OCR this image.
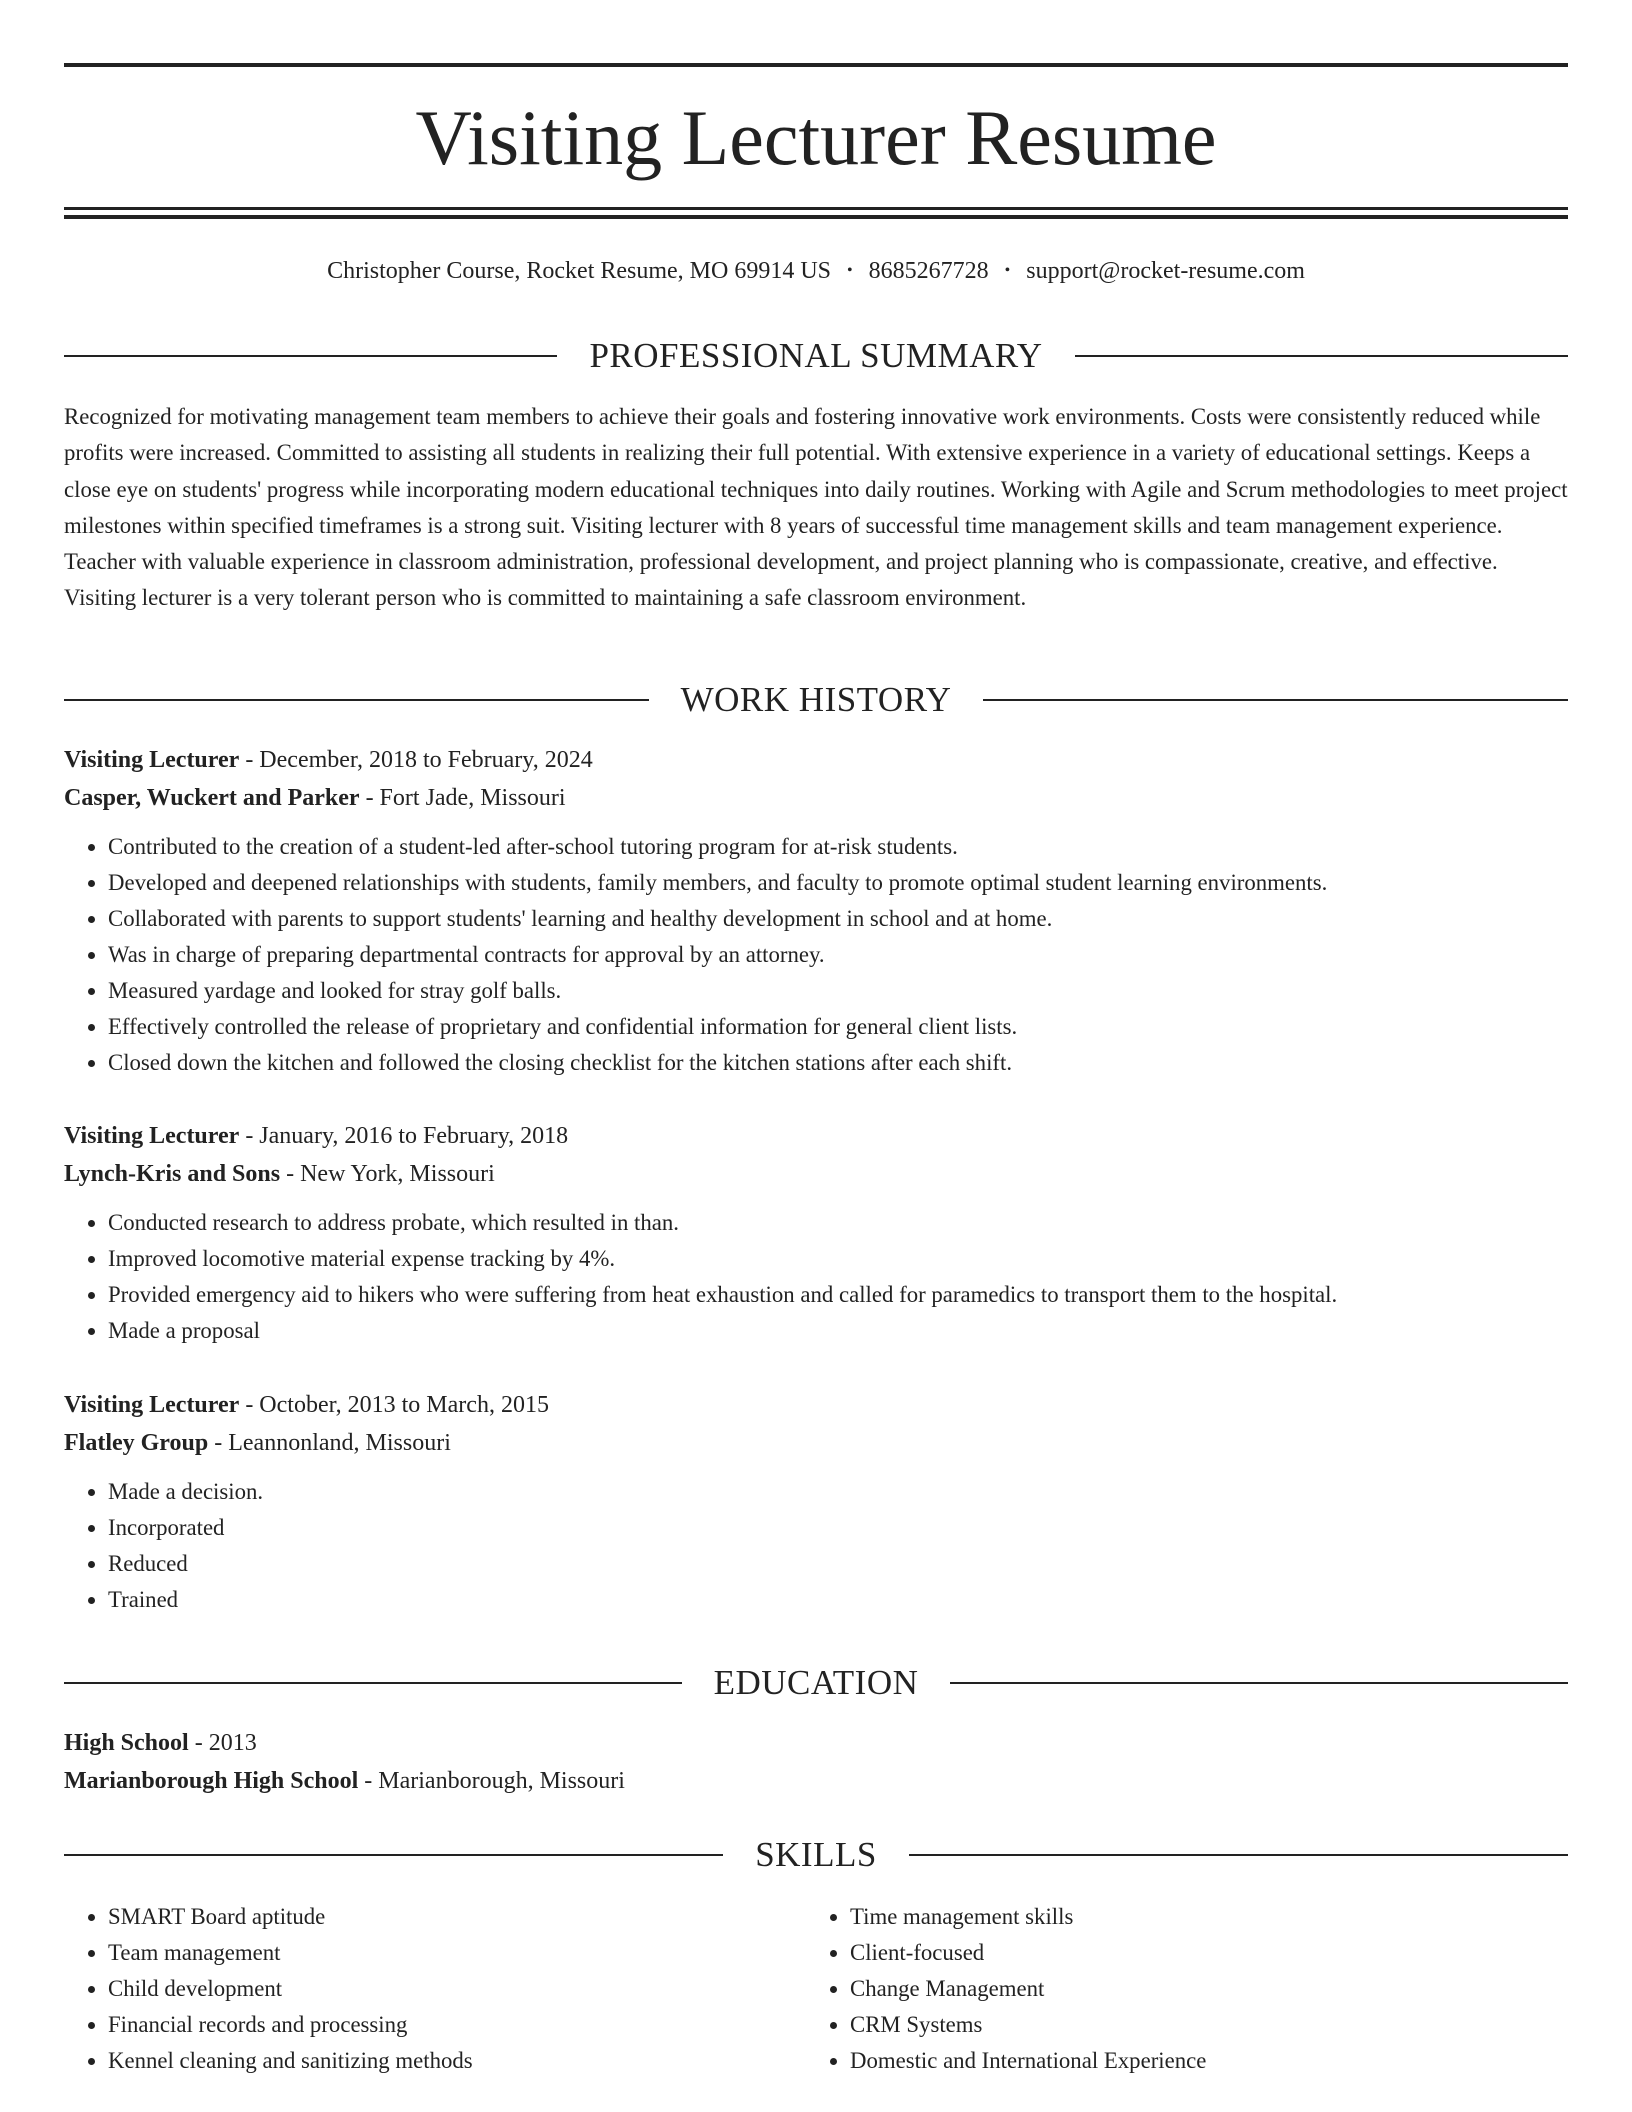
Visiting Lecturer Resume
Christopher Course, Rocket Resume, MO 69914 US • 8685267728 • support@rocket-resume.com
PROFESSIONAL SUMMARY

Recognized for motivating management team members to achieve their goals and fostering innovative work environments. Costs were consistently reduced while profits were increased. Committed to assisting all students in realizing their full potential. With extensive experience in a variety of educational settings. Keeps a close eye on students' progress while incorporating modern educational techniques into daily routines. Working with Agile and Scrum methodologies to meet project milestones within specified timeframes is a strong suit. Visiting lecturer with 8 years of successful time management skills and team management experience. Teacher with valuable experience in classroom administration, professional development, and project planning who is compassionate, creative, and effective. Visiting lecturer is a very tolerant person who is committed to maintaining a safe classroom environment.

WORK HISTORY
Visiting Lecturer - December, 2018 to February, 2024
Casper, Wuckert and Parker - Fort Jade, Missouri
• Contributed to the creation of a student-led after-school tutoring program for at-risk students.
• Developed and deepened relationships with students, family members, and faculty to promote optimal student learning environments.
• Collaborated with parents to support students' learning and healthy development in school and at home.
• Was in charge of preparing departmental contracts for approval by an attorney.
• Measured yardage and looked for stray golf balls.
• Effectively controlled the release of proprietary and confidential information for general client lists.
• Closed down the kitchen and followed the closing checklist for the kitchen stations after each shift.
Visiting Lecturer - January, 2016 to February, 2018
Lynch-Kris and Sons - New York, Missouri
• Conducted research to address probate, which resulted in than.
• Improved locomotive material expense tracking by 4%.
• Provided emergency aid to hikers who were suffering from heat exhaustion and called for paramedics to transport them to the hospital.
• Made a proposal
Visiting Lecturer - October, 2013 to March, 2015
Flatley Group - Leannonland, Missouri
• Made a decision.
• Incorporated
• Reduced
• Trained
EDUCATION
High School - 2013
Marianborough High School - Marianborough, Missouri
SKILLS
• SMART Board aptitude
• Team management
• Child development
• Financial records and processing
• Kennel cleaning and sanitizing methods
• Time management skills
• Client-focused
• Change Management
• CRM Systems
• Domestic and International Experience
